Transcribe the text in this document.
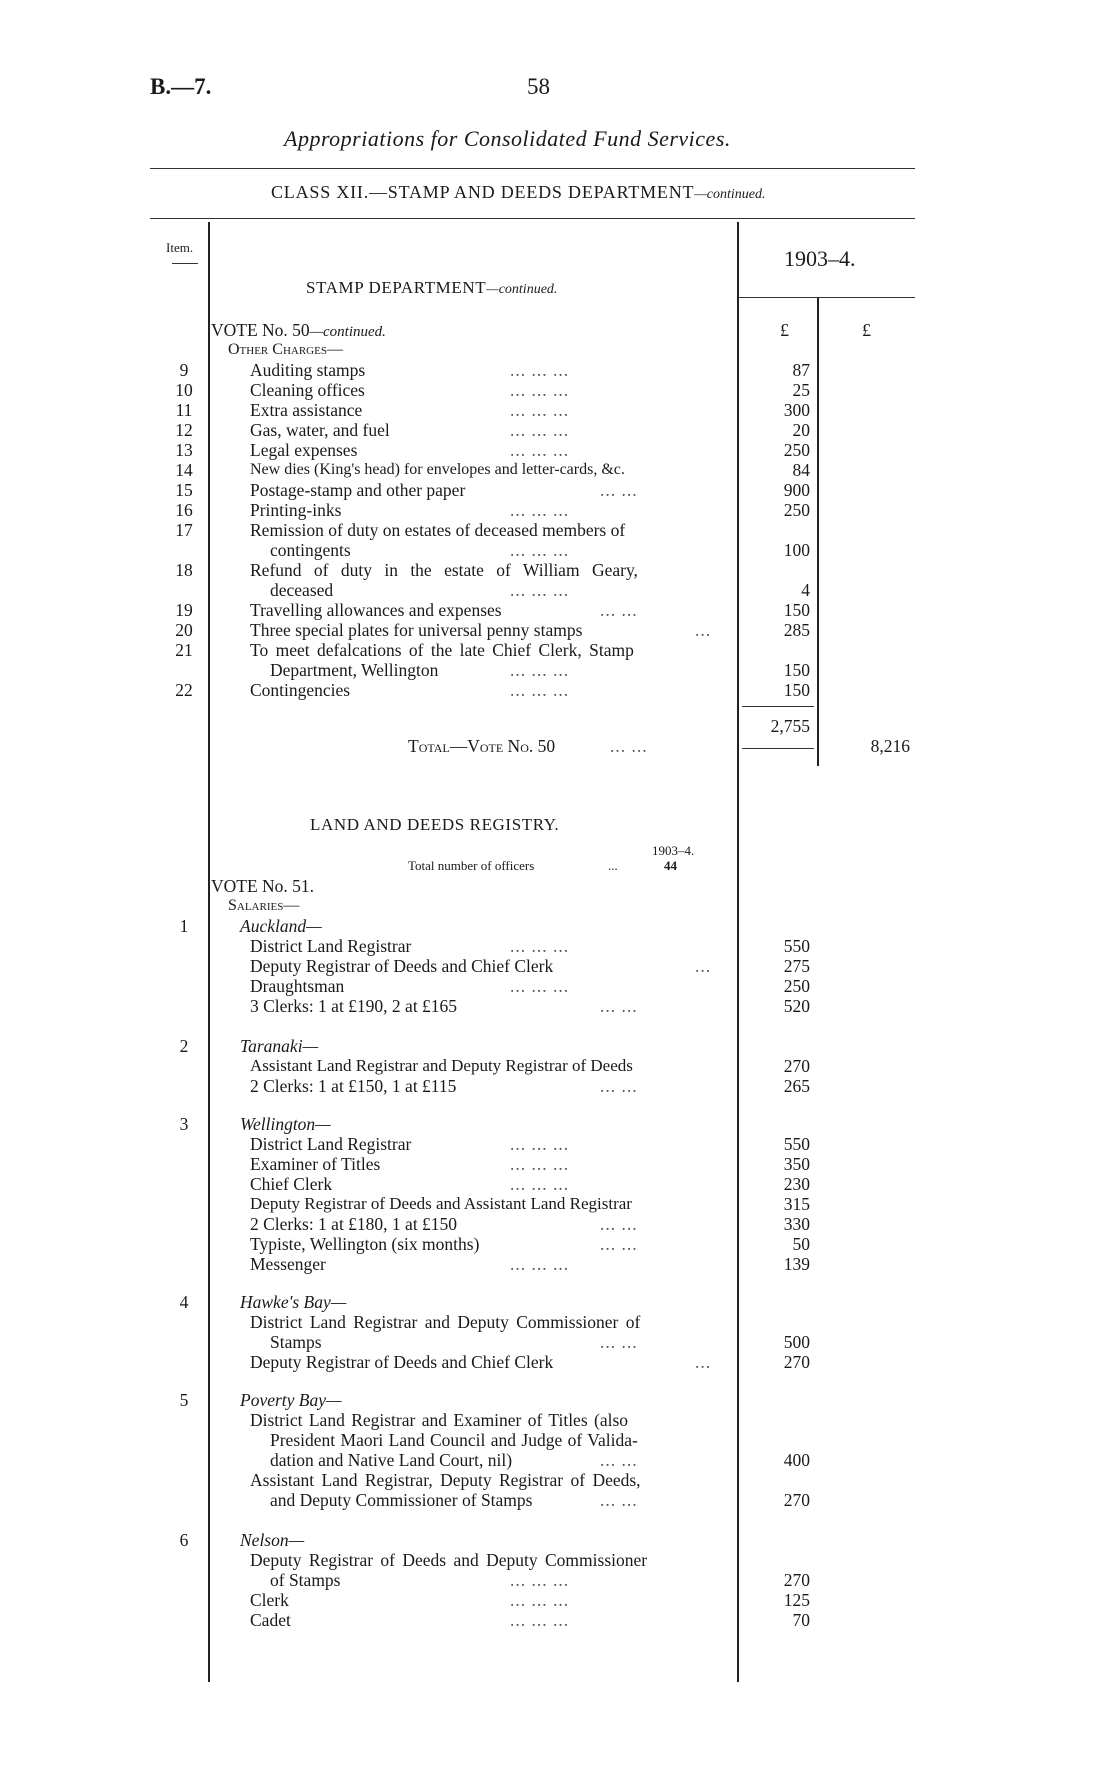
B.—7.	58
Appropriations for Consolidated Fund Services.
CLASS XII.—STAMP AND DEEDS DEPARTMENT—continued.
Item.	1903–4.
STAMP DEPARTMENT—continued.
£	£
VOTE No. 50—continued.
Other Charges—
9	Auditing stamps	... ... ...	87
10	Cleaning offices	... ... ...	25
11	Extra assistance	... ... ...	300
12	Gas, water, and fuel	... ... ...	20
13	Legal expenses	... ... ...	250
14	New dies (King's head) for envelopes and letter-cards, &c.	84
15	Postage-stamp and other paper	... ...	900
16	Printing-inks	... ... ...	250
17	Remission of duty on estates of deceased members of
contingents	... ... ...	100
18	Refund of duty in the estate of William Geary,
deceased	... ... ...	4
19	Travelling allowances and expenses	... ...	150
20	Three special plates for universal penny stamps	...	285
21	To meet defalcations of the late Chief Clerk, Stamp
Department, Wellington	... ... ...	150
22	Contingencies	... ... ...	150
2,755
Total—Vote No. 50	... ...	8,216
LAND AND DEEDS REGISTRY.
1903–4.
Total number of officers	...	44
VOTE No. 51.
Salaries—
1	Auckland—
District Land Registrar	... ... ...	550
Deputy Registrar of Deeds and Chief Clerk	...	275
Draughtsman	... ... ...	250
3 Clerks: 1 at £190, 2 at £165	... ...	520
2	Taranaki—
Assistant Land Registrar and Deputy Registrar of Deeds	270
2 Clerks: 1 at £150, 1 at £115	... ...	265
3	Wellington—
District Land Registrar	... ... ...	550
Examiner of Titles	... ... ...	350
Chief Clerk	... ... ...	230
Deputy Registrar of Deeds and Assistant Land Registrar	315
2 Clerks: 1 at £180, 1 at £150	... ...	330
Typiste, Wellington (six months)	... ...	50
Messenger	... ... ...	139
4	Hawke's Bay—
District Land Registrar and Deputy Commissioner of
Stamps	... ...	500
Deputy Registrar of Deeds and Chief Clerk	...	270
5	Poverty Bay—
District Land Registrar and Examiner of Titles (also
President Maori Land Council and Judge of Valida-
dation and Native Land Court, nil)	... ...	400
Assistant Land Registrar, Deputy Registrar of Deeds,
and Deputy Commissioner of Stamps	... ...	270
6	Nelson—
Deputy Registrar of Deeds and Deputy Commissioner
of Stamps	... ... ...	270
Clerk	... ... ...	125
Cadet	... ... ...	70
